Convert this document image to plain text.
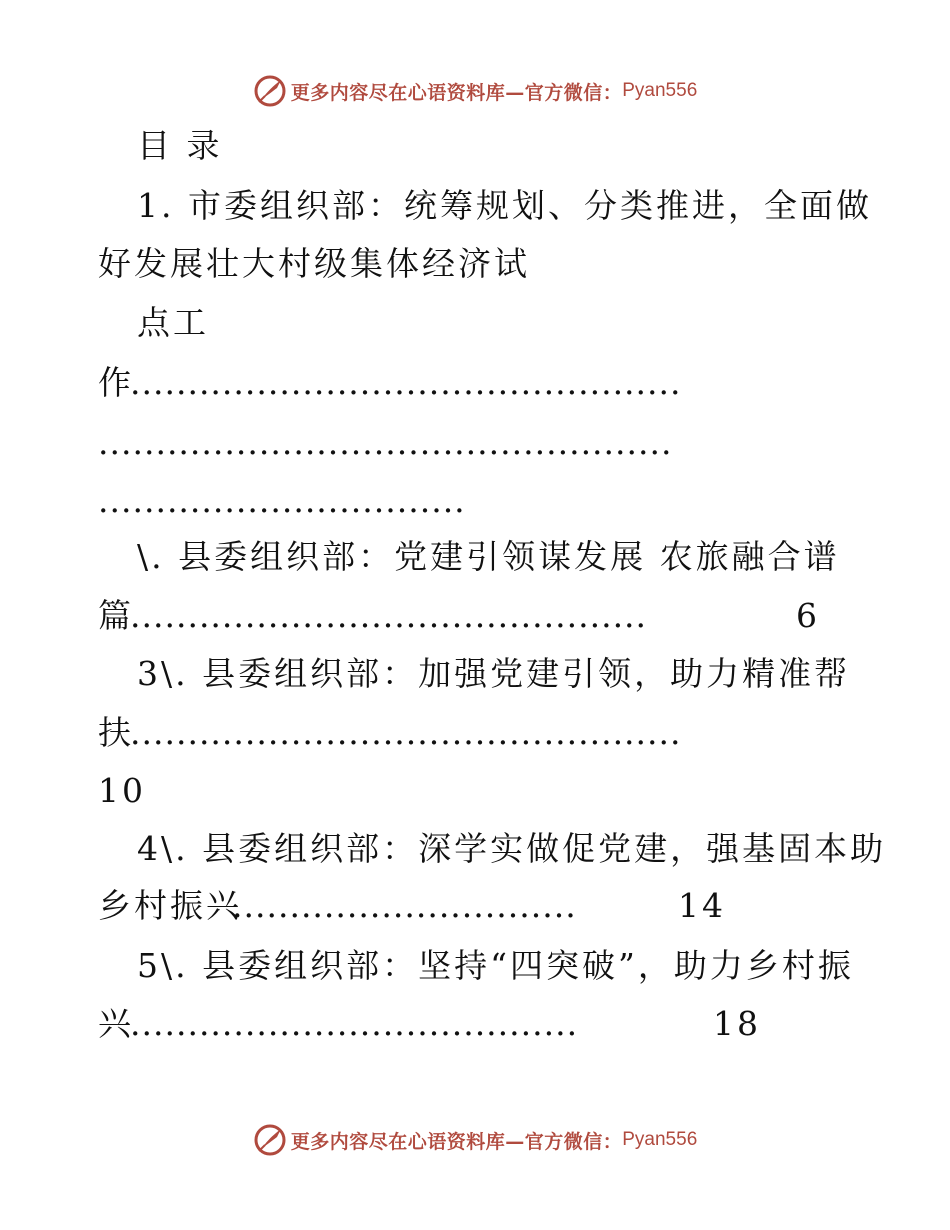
更多内容尽在心语资料库—官方微信： Pyan556
目 录
1. 市委组织部：统筹规划、分类推进，全面做
好发展壮大村级集体经济试
点工
作
................................................
..................................................
................................
\. 县委组织部：党建引领谋发展 农旅融合谱
篇
.............................................	6
3\. 县委组织部：加强党建引领，助力精准帮
扶
................................................
10
4\. 县委组织部：深学实做促党建，强基固本助
乡村振兴
..............................	14
5\. 县委组织部：坚持“四突破”，助力乡村振
兴
.......................................	18
更多内容尽在心语资料库—官方微信： Pyan556
